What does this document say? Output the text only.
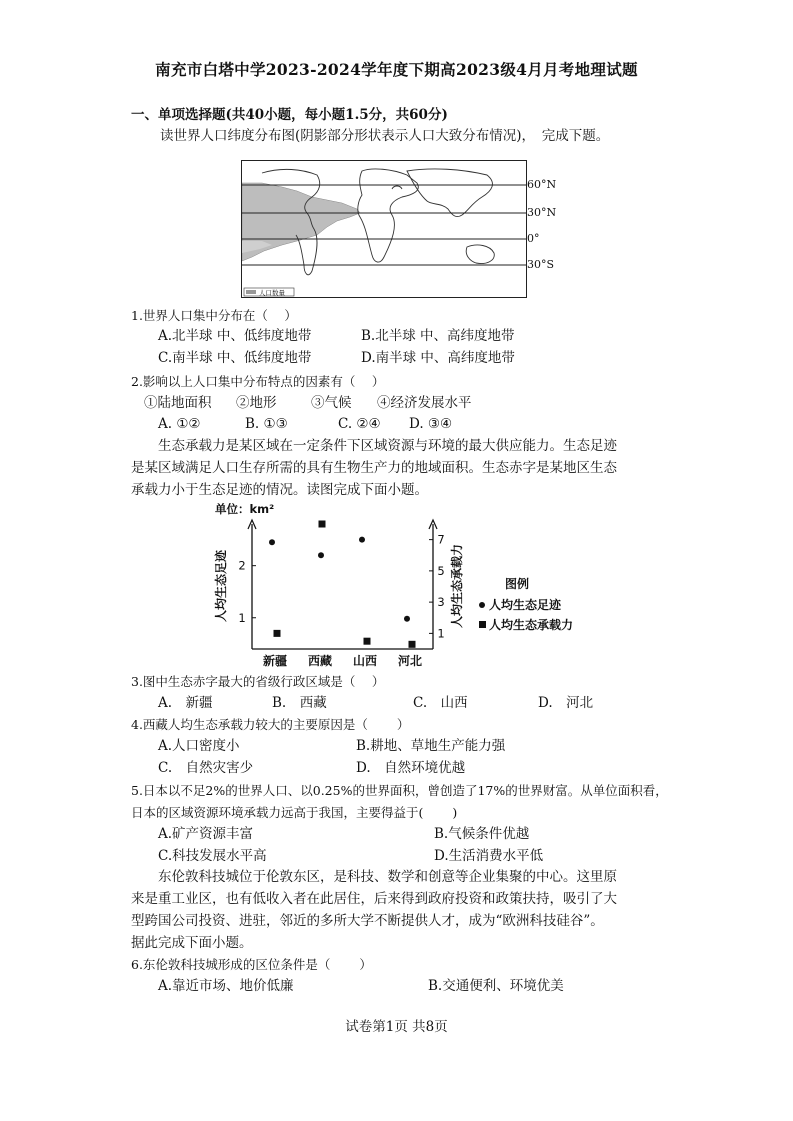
南充市白塔中学2023-2024学年度下期高2023级4月月考地理试题
一、单项选择题(共40小题，每小题1.5分，共60分)
读世界人口纬度分布图(阴影部分形状表示人口大致分布情况)，　完成下题。
人口数量
60°N
30°N
0°
30°S
1.世界人口集中分布在（　 ）
A.北半球 中、低纬度地带	B.北半球 中、高纬度地带
C.南半球 中、低纬度地带	D.南半球 中、高纬度地带
2.影响以上人口集中分布特点的因素有（　 ）
①陆地面积 ②地形	③气候 ④经济发展水平
A. ①②	B. ①③	C. ②④ D. ③④
　　生态承载力是某区域在一定条件下区域资源与环境的最大供应能力。生态足迹
是某区域满足人口生存所需的具有生物生产力的地域面积。生态赤字是某地区生态
承载力小于生态足迹的情况。读图完成下面小题。
单位：km²
人均生态足迹	人均生态承载力	图例
人均生态足迹
人均生态承载力
1
2
1
3
5
7
新疆 西藏 山西 河北
3.图中生态赤字最大的省级行政区域是（　 ）
A.　新疆	B.　西藏	C.　山西	D.　河北
4.西藏人均生态承载力较大的主要原因是（　 　）
A.人口密度小	B.耕地、草地生产能力强
C.　自然灾害少	D.　自然环境优越
5.日本以不足2%的世界人口、以0.25%的世界面积，曾创造了17%的世界财富。从单位面积看，
日本的区域资源环境承载力远高于我国，主要得益于(　 　)
A.矿产资源丰富	B.气候条件优越
C.科技发展水平高	D.生活消费水平低
　　东伦敦科技城位于伦敦东区，是科技、数学和创意等企业集聚的中心。这里原
来是重工业区，也有低收入者在此居住，后来得到政府投资和政策扶持，吸引了大
型跨国公司投资、进驻，邻近的多所大学不断提供人才，成为“欧洲科技硅谷”。
据此完成下面小题。
6.东伦敦科技城形成的区位条件是（　 　）
A.靠近市场、地价低廉	B.交通便利、环境优美
试卷第1页 共8页
